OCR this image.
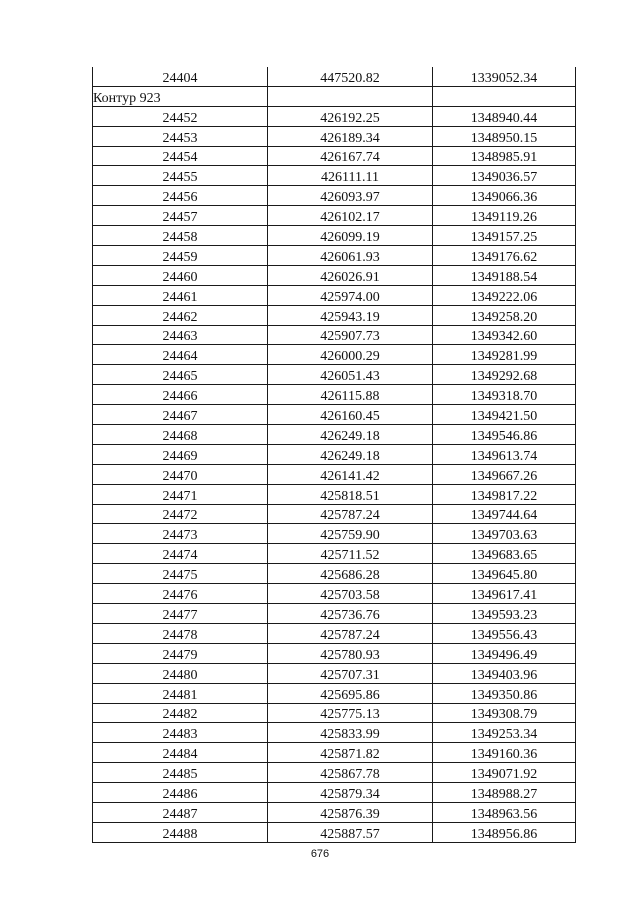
24404	447520.82	1339052.34
Контур 923		
24452	426192.25	1348940.44
24453	426189.34	1348950.15
24454	426167.74	1348985.91
24455	426111.11	1349036.57
24456	426093.97	1349066.36
24457	426102.17	1349119.26
24458	426099.19	1349157.25
24459	426061.93	1349176.62
24460	426026.91	1349188.54
24461	425974.00	1349222.06
24462	425943.19	1349258.20
24463	425907.73	1349342.60
24464	426000.29	1349281.99
24465	426051.43	1349292.68
24466	426115.88	1349318.70
24467	426160.45	1349421.50
24468	426249.18	1349546.86
24469	426249.18	1349613.74
24470	426141.42	1349667.26
24471	425818.51	1349817.22
24472	425787.24	1349744.64
24473	425759.90	1349703.63
24474	425711.52	1349683.65
24475	425686.28	1349645.80
24476	425703.58	1349617.41
24477	425736.76	1349593.23
24478	425787.24	1349556.43
24479	425780.93	1349496.49
24480	425707.31	1349403.96
24481	425695.86	1349350.86
24482	425775.13	1349308.79
24483	425833.99	1349253.34
24484	425871.82	1349160.36
24485	425867.78	1349071.92
24486	425879.34	1348988.27
24487	425876.39	1348963.56
24488	425887.57	1348956.86
676
